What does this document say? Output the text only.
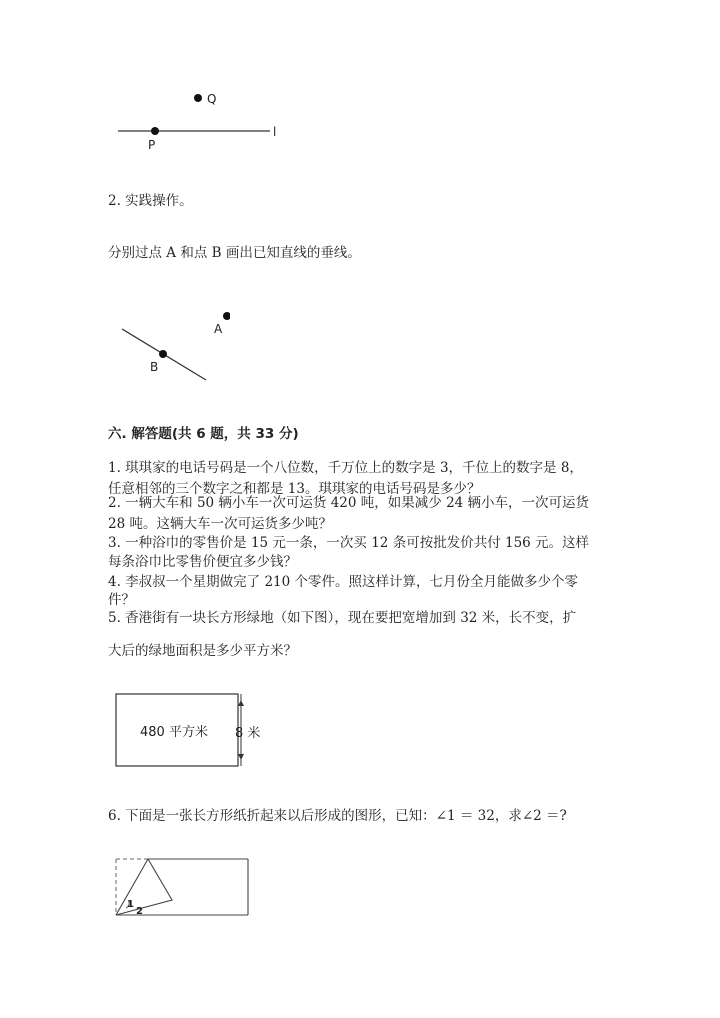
Q
P
l
2. 实践操作。
分别过点 A 和点 B 画出已知直线的垂线。
A
B
六. 解答题(共 6 题，共 33 分)
1. 琪琪家的电话号码是一个八位数，千万位上的数字是 3，千位上的数字是 8，
任意相邻的三个数字之和都是 13。琪琪家的电话号码是多少？
2. 一辆大车和 50 辆小车一次可运货 420 吨，如果减少 24 辆小车，一次可运货
28 吨。这辆大车一次可运货多少吨？
3. 一种浴巾的零售价是 15 元一条，一次买 12 条可按批发价共付 156 元。这样
每条浴巾比零售价便宜多少钱？
4. 李叔叔一个星期做完了 210 个零件。照这样计算，七月份全月能做多少个零
件？
5. 香港街有一块长方形绿地（如下图），现在要把宽增加到 32 米，长不变，扩
大后的绿地面积是多少平方米？
480 平方米 8 米
6. 下面是一张长方形纸折起来以后形成的图形，已知：∠1 ＝ 32，求∠2 ＝?
1
2
